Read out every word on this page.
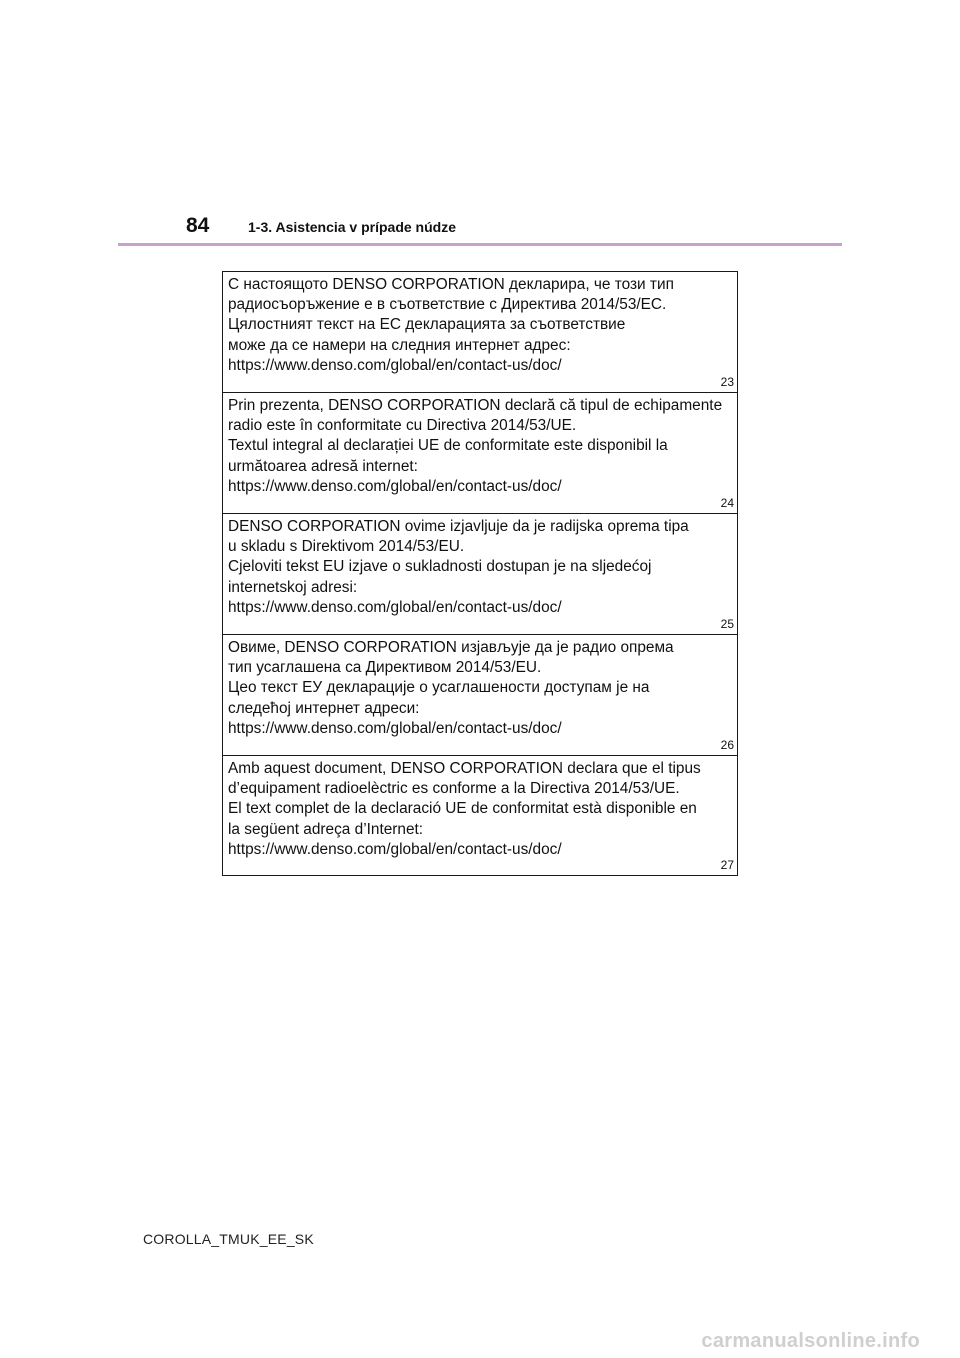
84	1-3. Asistencia v prípade núdze
С настоящото DENSO CORPORATION декларира, че този тип
радиосъоръжение е в съответствие с Директива 2014/53/ЕС.
Цялостният текст на ЕС декларацията за съответствие
може да се намери на следния интернет адрес:
https://www.denso.com/global/en/contact-us/doc/
23
Prin prezenta, DENSO CORPORATION declară că tipul de echipamente
radio este în conformitate cu Directiva 2014/53/UE.
Textul integral al declarației UE de conformitate este disponibil la
următoarea adresă internet:
https://www.denso.com/global/en/contact-us/doc/
24
DENSO CORPORATION ovime izjavljuje da je radijska oprema tipa
u skladu s Direktivom 2014/53/EU.
Cjeloviti tekst EU izjave o sukladnosti dostupan je na sljedećoj
internetskoj adresi:
https://www.denso.com/global/en/contact-us/doc/
25
Овиме, DENSO CORPORATION изјављује да је радио опрема
тип усаглашена са Директивом 2014/53/EU.
Цео текст ЕУ декларације о усаглашености доступам је на
следећој интернет адреси:
https://www.denso.com/global/en/contact-us/doc/
26
Amb aquest document, DENSO CORPORATION declara que el tipus
d’equipament radioelèctric es conforme a la Directiva 2014/53/UE.
El text complet de la declaració UE de conformitat està disponible en
la següent adreça d’Internet:
https://www.denso.com/global/en/contact-us/doc/
27
COROLLA_TMUK_EE_SK
carmanualsonline.info
